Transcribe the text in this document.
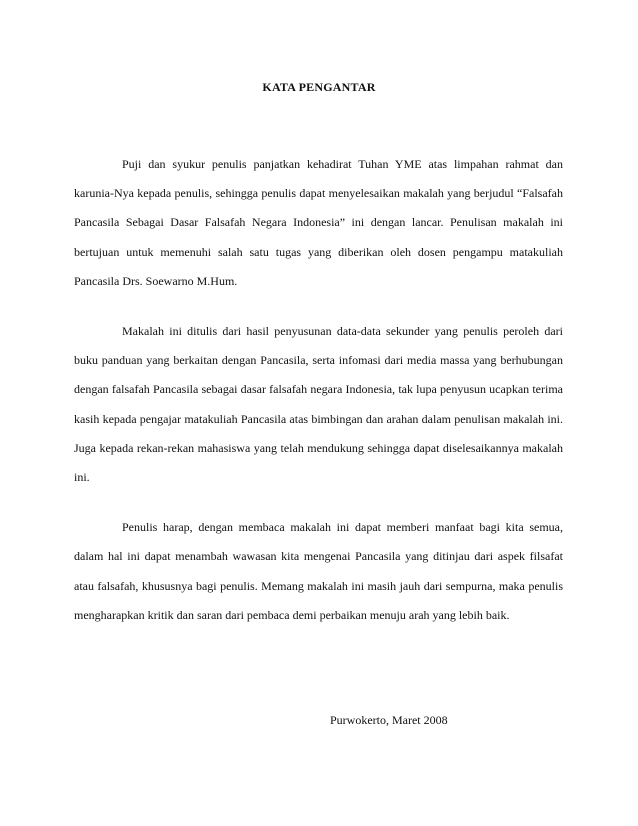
KATA PENGANTAR

Puji dan syukur penulis panjatkan kehadirat Tuhan YME atas limpahan rahmat dan karunia-Nya kepada penulis, sehingga penulis dapat menyelesaikan makalah yang berjudul “Falsafah Pancasila Sebagai Dasar Falsafah Negara Indonesia” ini dengan lancar. Penulisan makalah ini bertujuan untuk memenuhi salah satu tugas yang diberikan oleh dosen pengampu matakuliah Pancasila Drs. Soewarno M.Hum.

Makalah ini ditulis dari hasil penyusunan data-data sekunder yang penulis peroleh dari buku panduan yang berkaitan dengan Pancasila, serta infomasi dari media massa yang berhubungan dengan falsafah Pancasila sebagai dasar falsafah negara Indonesia, tak lupa penyusun ucapkan terima kasih kepada pengajar matakuliah Pancasila atas bimbingan dan arahan dalam penulisan makalah ini. Juga kepada rekan-rekan mahasiswa yang telah mendukung sehingga dapat diselesaikannya makalah ini.

Penulis harap, dengan membaca makalah ini dapat memberi manfaat bagi kita semua, dalam hal ini dapat menambah wawasan kita mengenai Pancasila yang ditinjau dari aspek filsafat atau falsafah, khususnya bagi penulis. Memang makalah ini masih jauh dari sempurna, maka penulis mengharapkan kritik dan saran dari pembaca demi perbaikan menuju arah yang lebih baik.

Purwokerto, Maret 2008
